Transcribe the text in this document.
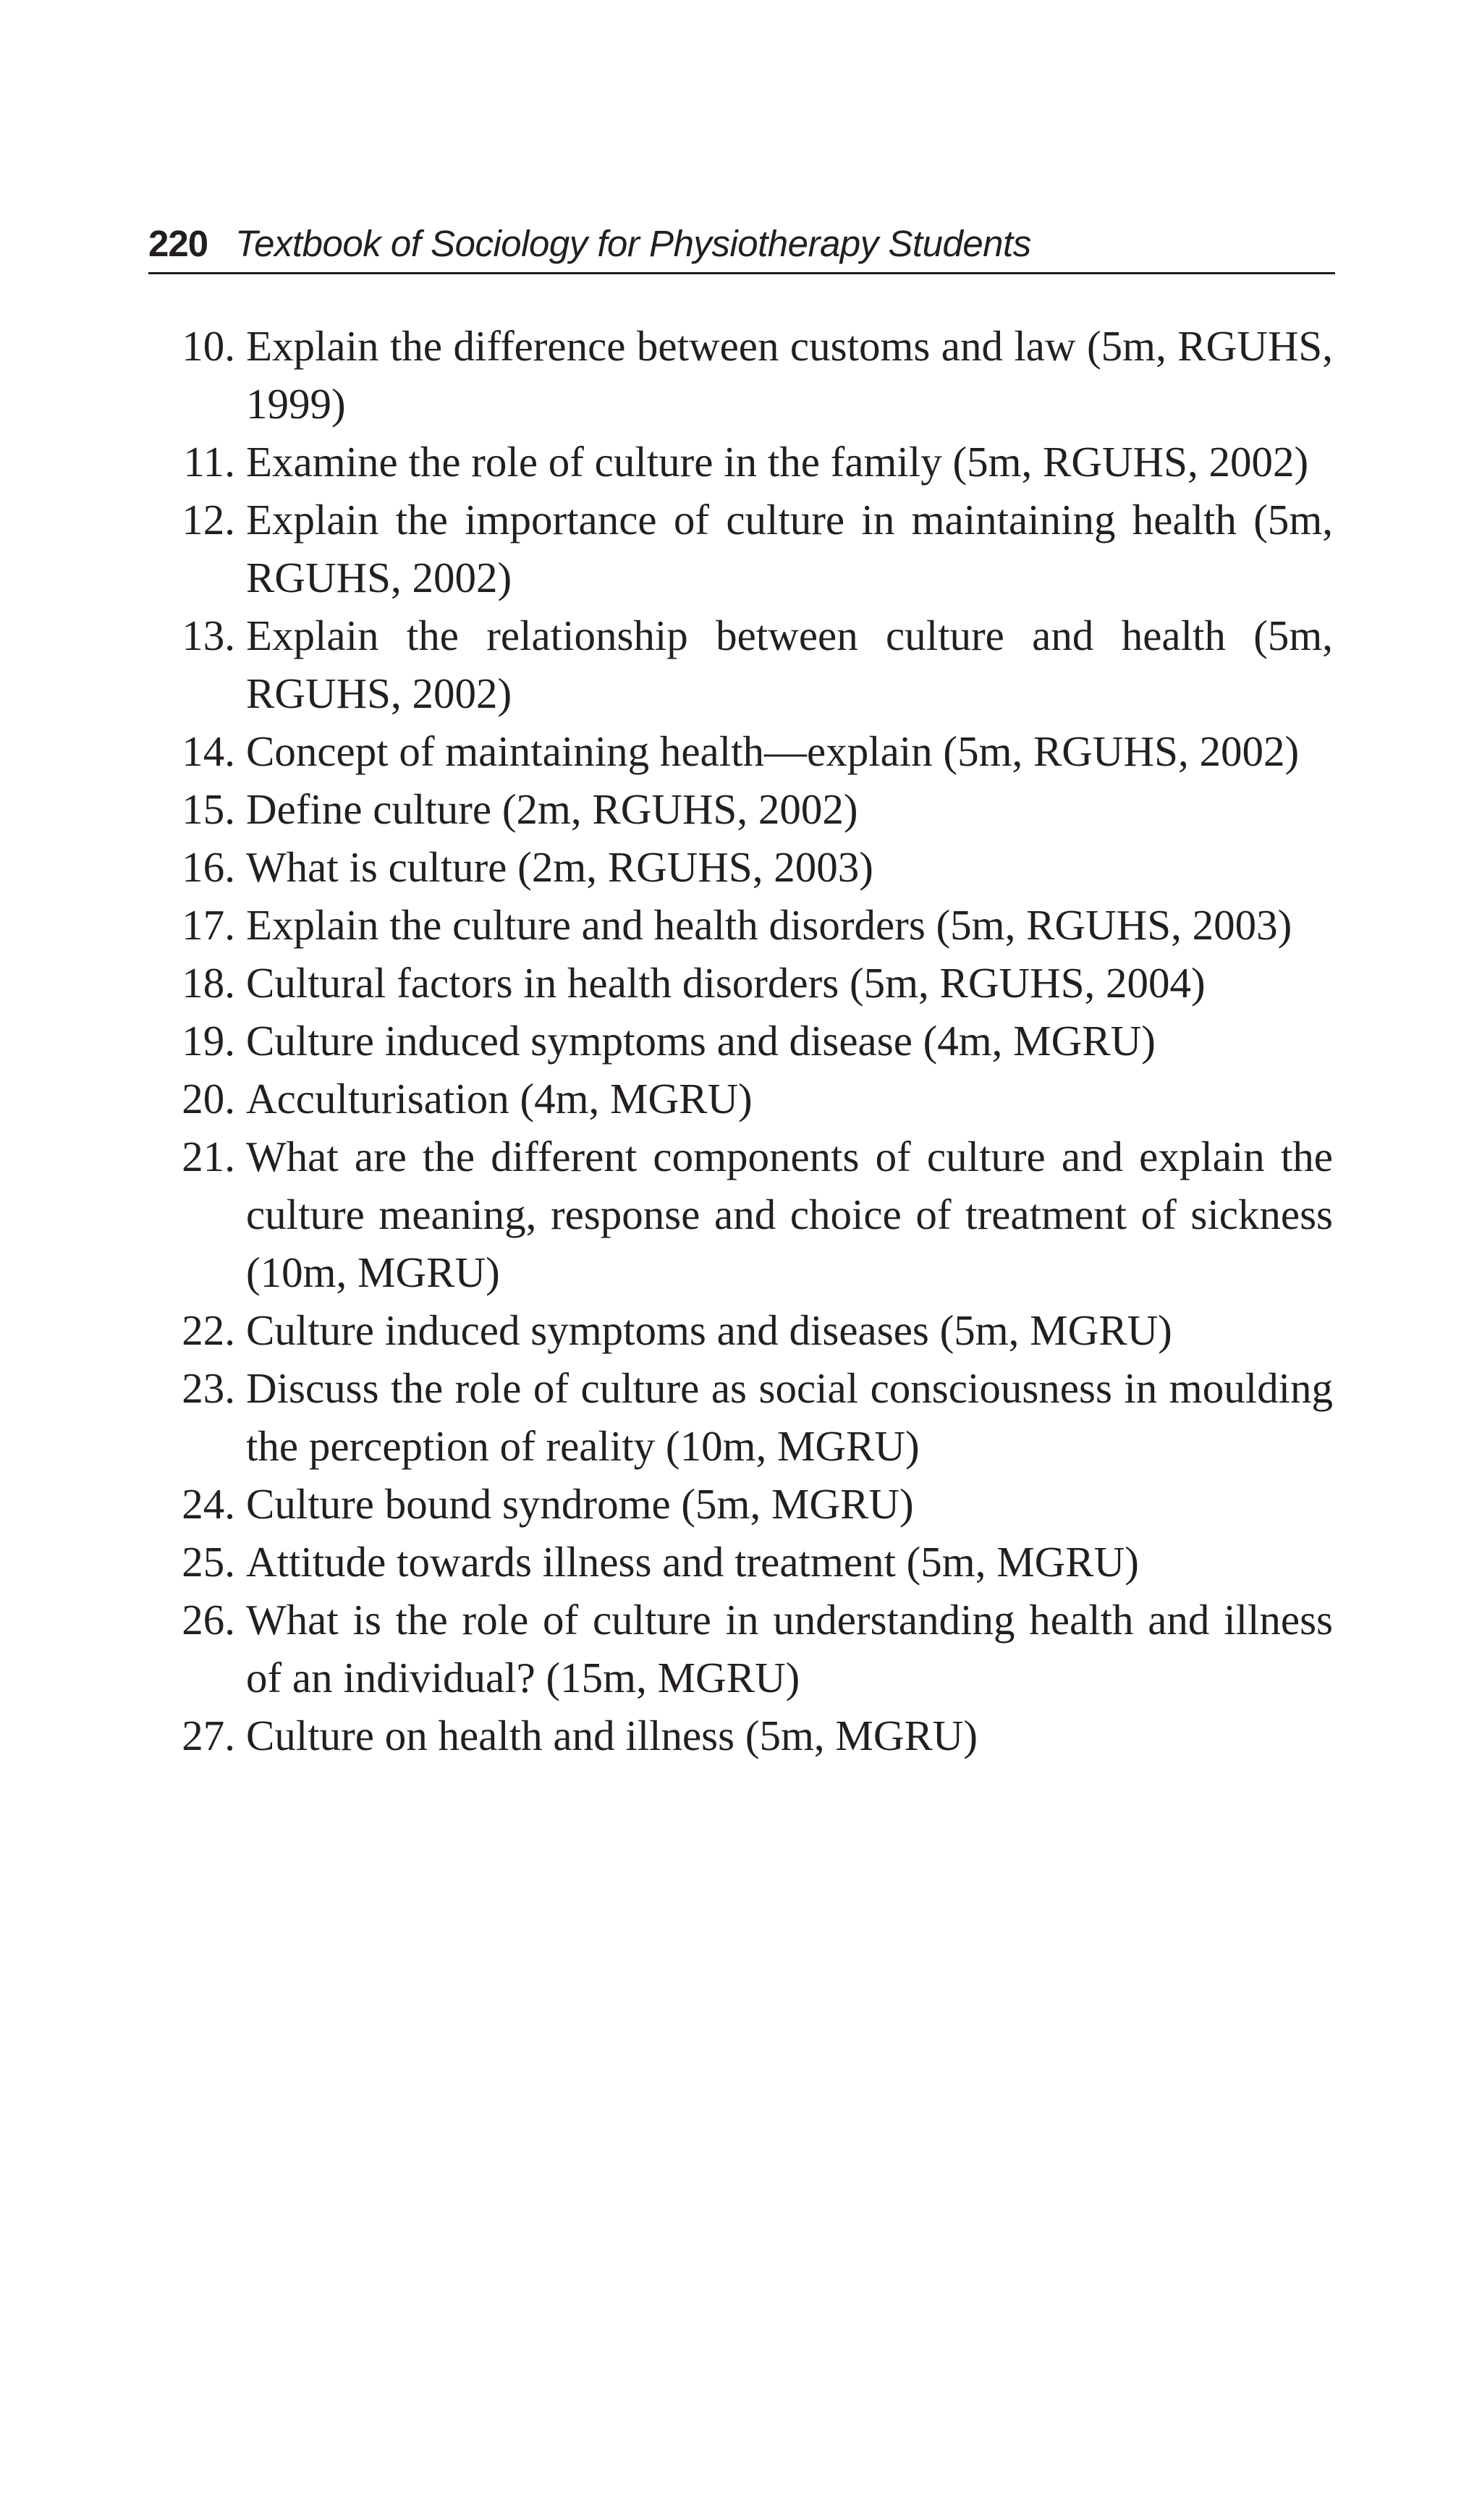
220 Textbook of Sociology for Physiotherapy Students
10. Explain the difference between customs and law (5m, RGUHS, 1999)
11. Examine the role of culture in the family (5m, RGUHS, 2002)
12. Explain the importance of culture in maintaining health (5m, RGUHS, 2002)
13. Explain the relationship between culture and health (5m, RGUHS, 2002)
14. Concept of maintaining health—explain (5m, RGUHS, 2002)
15. Define culture (2m, RGUHS, 2002)
16. What is culture (2m, RGUHS, 2003)
17. Explain the culture and health disorders (5m, RGUHS, 2003)
18. Cultural factors in health disorders (5m, RGUHS, 2004)
19. Culture induced symptoms and disease (4m, MGRU)
20. Acculturisation (4m, MGRU)
21. What are the different components of culture and explain the culture meaning, response and choice of treatment of sickness (10m, MGRU)
22. Culture induced symptoms and diseases (5m, MGRU)
23. Discuss the role of culture as social consciousness in moulding the perception of reality (10m, MGRU)
24. Culture bound syndrome (5m, MGRU)
25. Attitude towards illness and treatment (5m, MGRU)
26. What is the role of culture in understanding health and illness of an individual? (15m, MGRU)
27. Culture on health and illness (5m, MGRU)
